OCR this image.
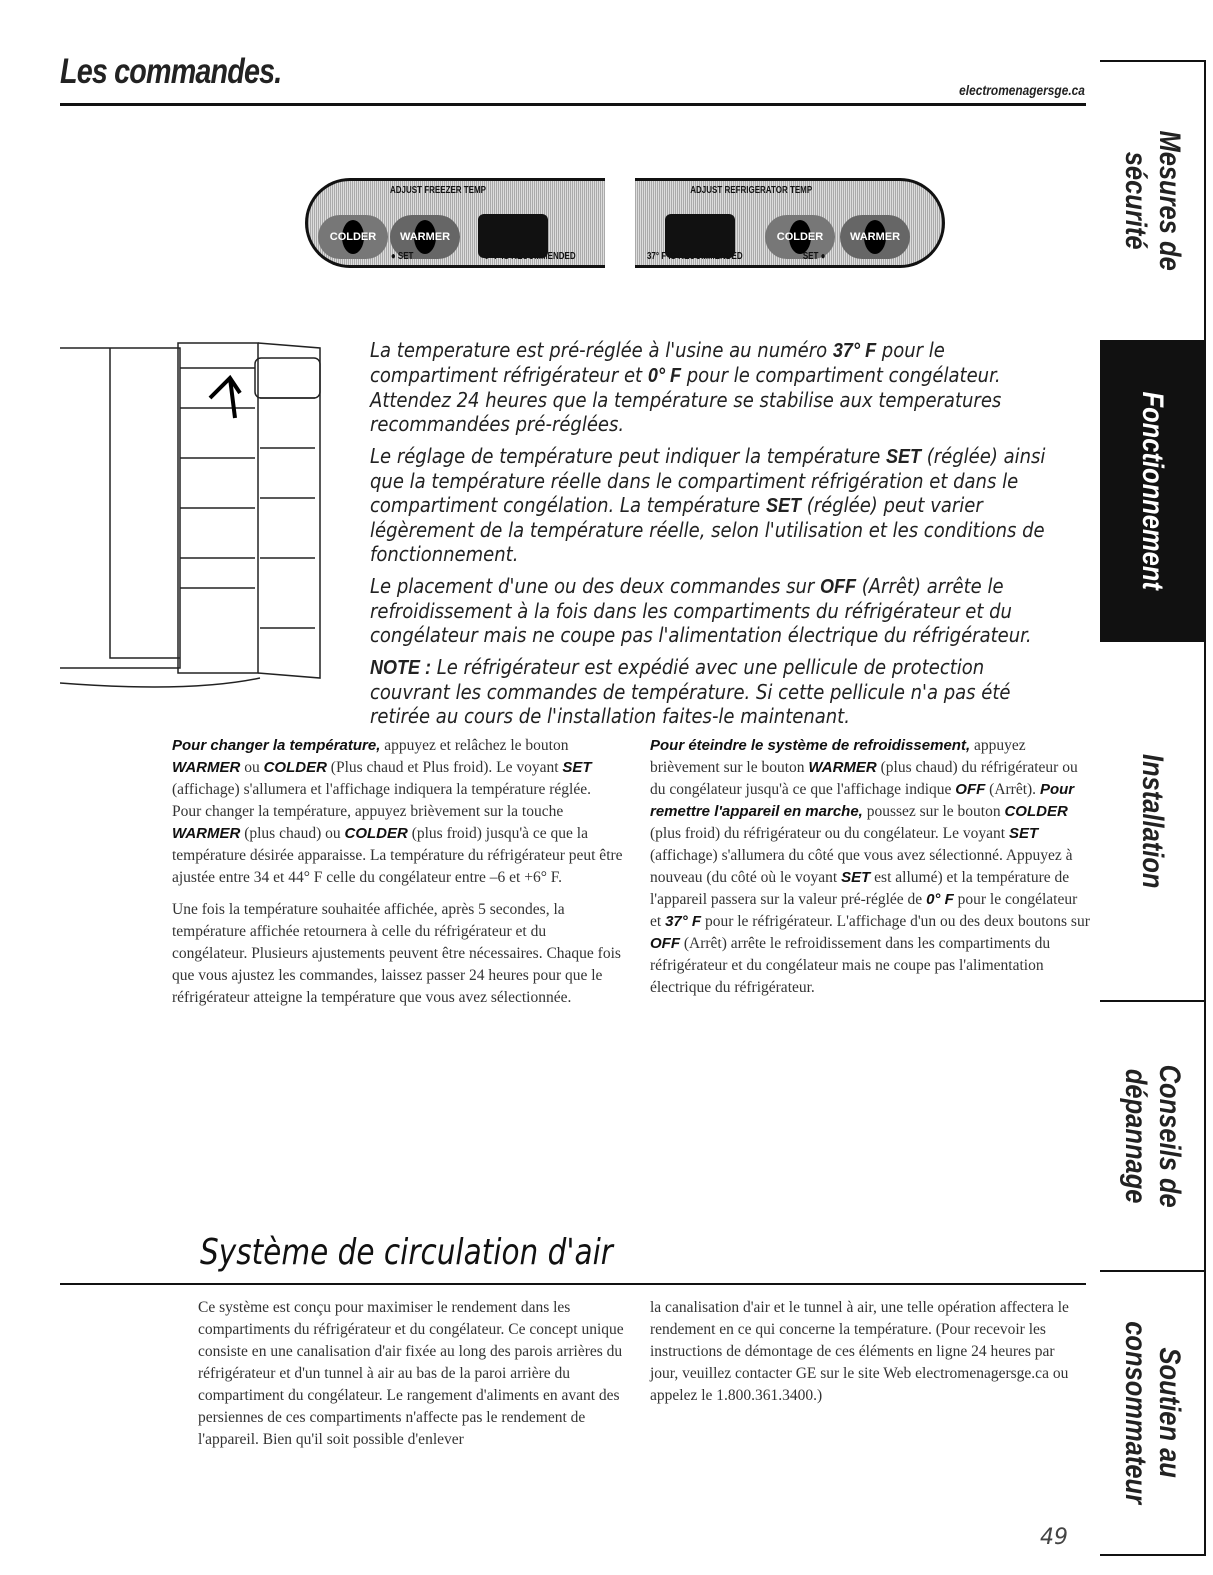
Les commandes.	electromenagersge.ca
ADJUST FREEZER TEMP
COLDER WARMER
● SET	0° F IS RECOMMENDED
ADJUST REFRIGERATOR TEMP
COLDER WARMER
37° F IS RECOMMENDED	SET ●

La temperature est pré-réglée à l'usine au numéro 37° F pour le compartiment réfrigérateur et 0° F pour le compartiment congélateur. Attendez 24 heures que la température se stabilise aux temperatures recommandées pré-réglées.

Le réglage de température peut indiquer la température SET (réglée) ainsi que la température réelle dans le compartiment réfrigération et dans le compartiment congélation. La température SET (réglée) peut varier légèrement de la température réelle, selon l'utilisation et les conditions de fonctionnement.

Le placement d'une ou des deux commandes sur OFF (Arrêt) arrête le refroidissement à la fois dans les compartiments du réfrigérateur et du congélateur mais ne coupe pas l'alimentation électrique du réfrigérateur.

NOTE : Le réfrigérateur est expédié avec une pellicule de protection couvrant les commandes de température. Si cette pellicule n'a pas été retirée au cours de l'installation faites-le maintenant.

Pour changer la température, appuyez et relâchez le bouton WARMER ou COLDER (Plus chaud et Plus froid). Le voyant SET (affichage) s'allumera et l'affichage indiquera la température réglée. Pour changer la température, appuyez brièvement sur la touche WARMER (plus chaud) ou COLDER (plus froid) jusqu'à ce que la température désirée apparaisse. La température du réfrigérateur peut être ajustée entre 34 et 44° F celle du congélateur entre –6 et +6° F.

Une fois la température souhaitée affichée, après 5 secondes, la température affichée retournera à celle du réfrigérateur et du congélateur. Plusieurs ajustements peuvent être nécessaires. Chaque fois que vous ajustez les commandes, laissez passer 24 heures pour que le réfrigérateur atteigne la température que vous avez sélectionnée.

Pour éteindre le système de refroidissement, appuyez brièvement sur le bouton WARMER (plus chaud) du réfrigérateur ou du congélateur jusqu'à ce que l'affichage indique OFF (Arrêt). Pour remettre l'appareil en marche, poussez sur le bouton COLDER (plus froid) du réfrigérateur ou du congélateur. Le voyant SET (affichage) s'allumera du côté que vous avez sélectionné. Appuyez à nouveau (du côté où le voyant SET est allumé) et la température de l'appareil passera sur la valeur pré-réglée de 0° F pour le congélateur et 37° F pour le réfrigérateur. L'affichage d'un ou des deux boutons sur OFF (Arrêt) arrête le refroidissement dans les compartiments du réfrigérateur et du congélateur mais ne coupe pas l'alimentation électrique du réfrigérateur.

Système de circulation d'air

Ce système est conçu pour maximiser le rendement dans les compartiments du réfrigérateur et du congélateur. Ce concept unique consiste en une canalisation d'air fixée au long des parois arrières du réfrigérateur et d'un tunnel à air au bas de la paroi arrière du compartiment du congélateur. Le rangement d'aliments en avant des persiennes de ces compartiments n'affecte pas le rendement de l'appareil. Bien qu'il soit possible d'enlever

la canalisation d'air et le tunnel à air, une telle opération affectera le rendement en ce qui concerne la température. (Pour recevoir les instructions de démontage de ces éléments en ligne 24 heures par jour, veuillez contacter GE sur le site Web electromenagersge.ca ou appelez le 1.800.361.3400.)

Mesures de sécurité
Fonctionnement
Installation
Conseils de dépannage
Soutien au consommateur
49
